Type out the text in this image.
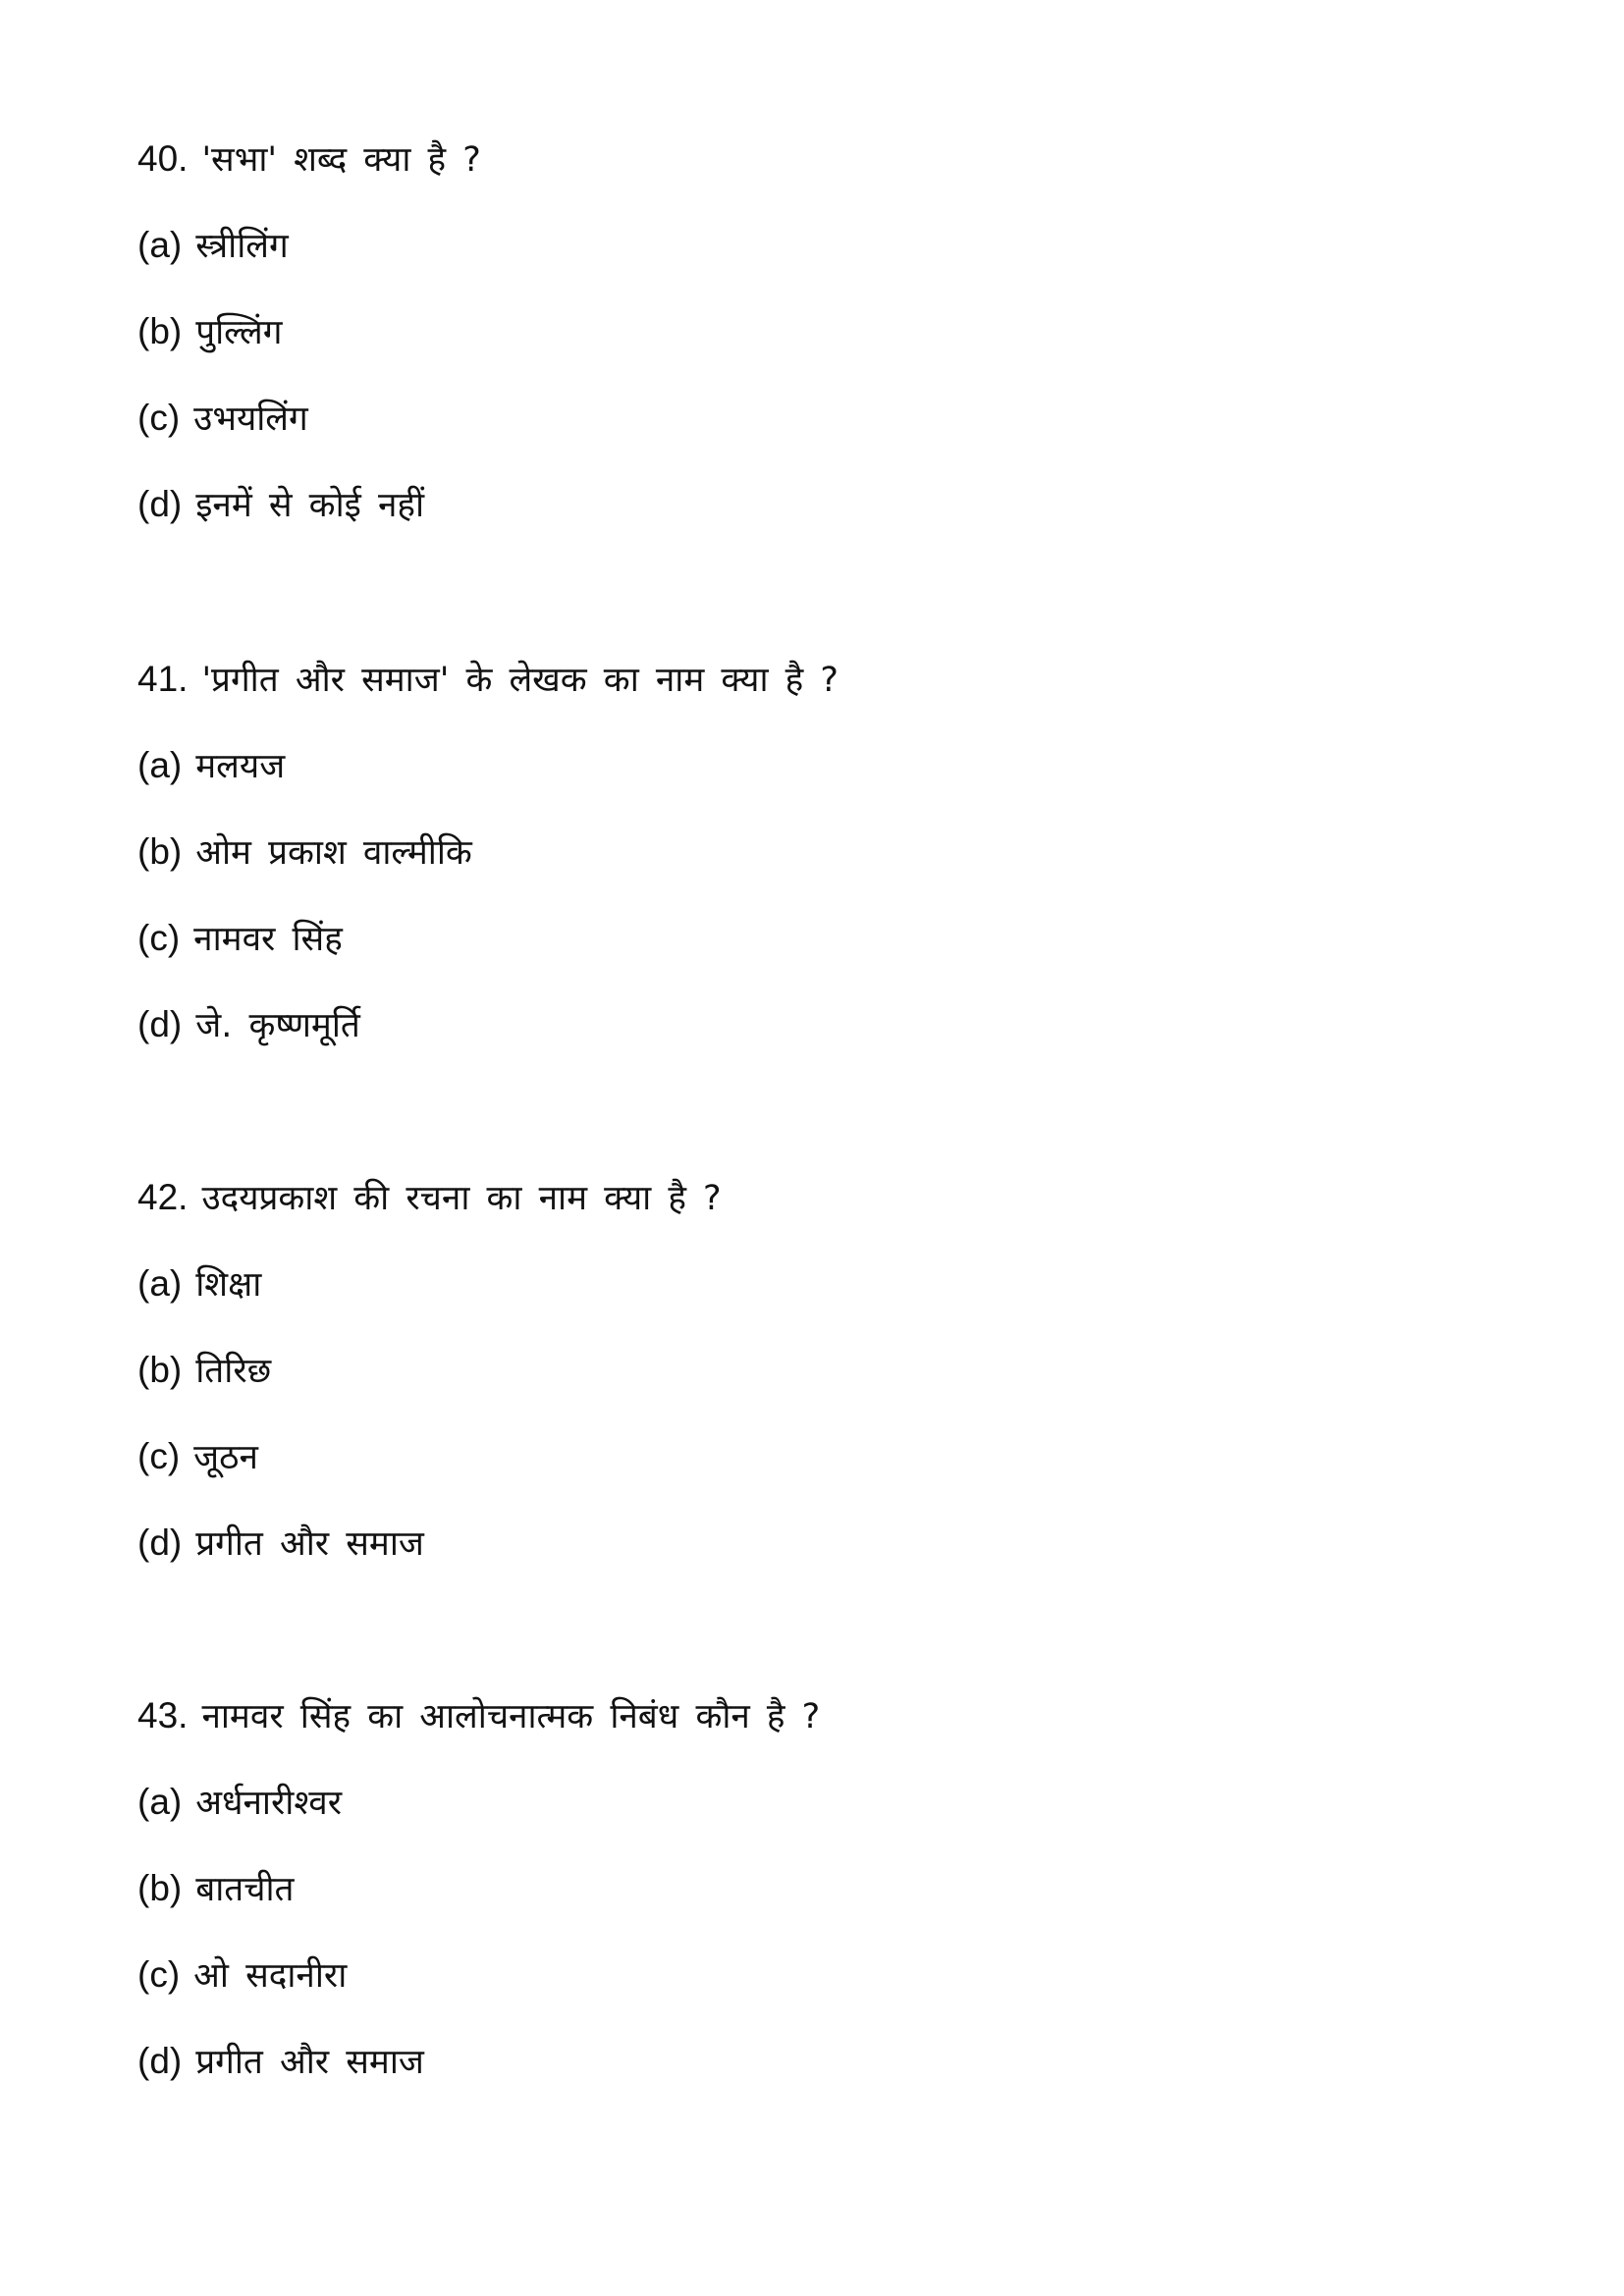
40. 'सभा' शब्द क्या है ?
(a) स्त्रीलिंग
(b) पुल्लिंग
(c) उभयलिंग
(d) इनमें से कोई नहीं
41. 'प्रगीत और समाज' के लेखक का नाम क्या है ?
(a) मलयज
(b) ओम प्रकाश वाल्मीकि
(c) नामवर सिंह
(d) जे. कृष्णमूर्ति
42. उदयप्रकाश की रचना का नाम क्या है ?
(a) शिक्षा
(b) तिरिछ
(c) जूठन
(d) प्रगीत और समाज
43. नामवर सिंह का आलोचनात्मक निबंध कौन है ?
(a) अर्धनारीश्वर
(b) बातचीत
(c) ओ सदानीरा
(d) प्रगीत और समाज
